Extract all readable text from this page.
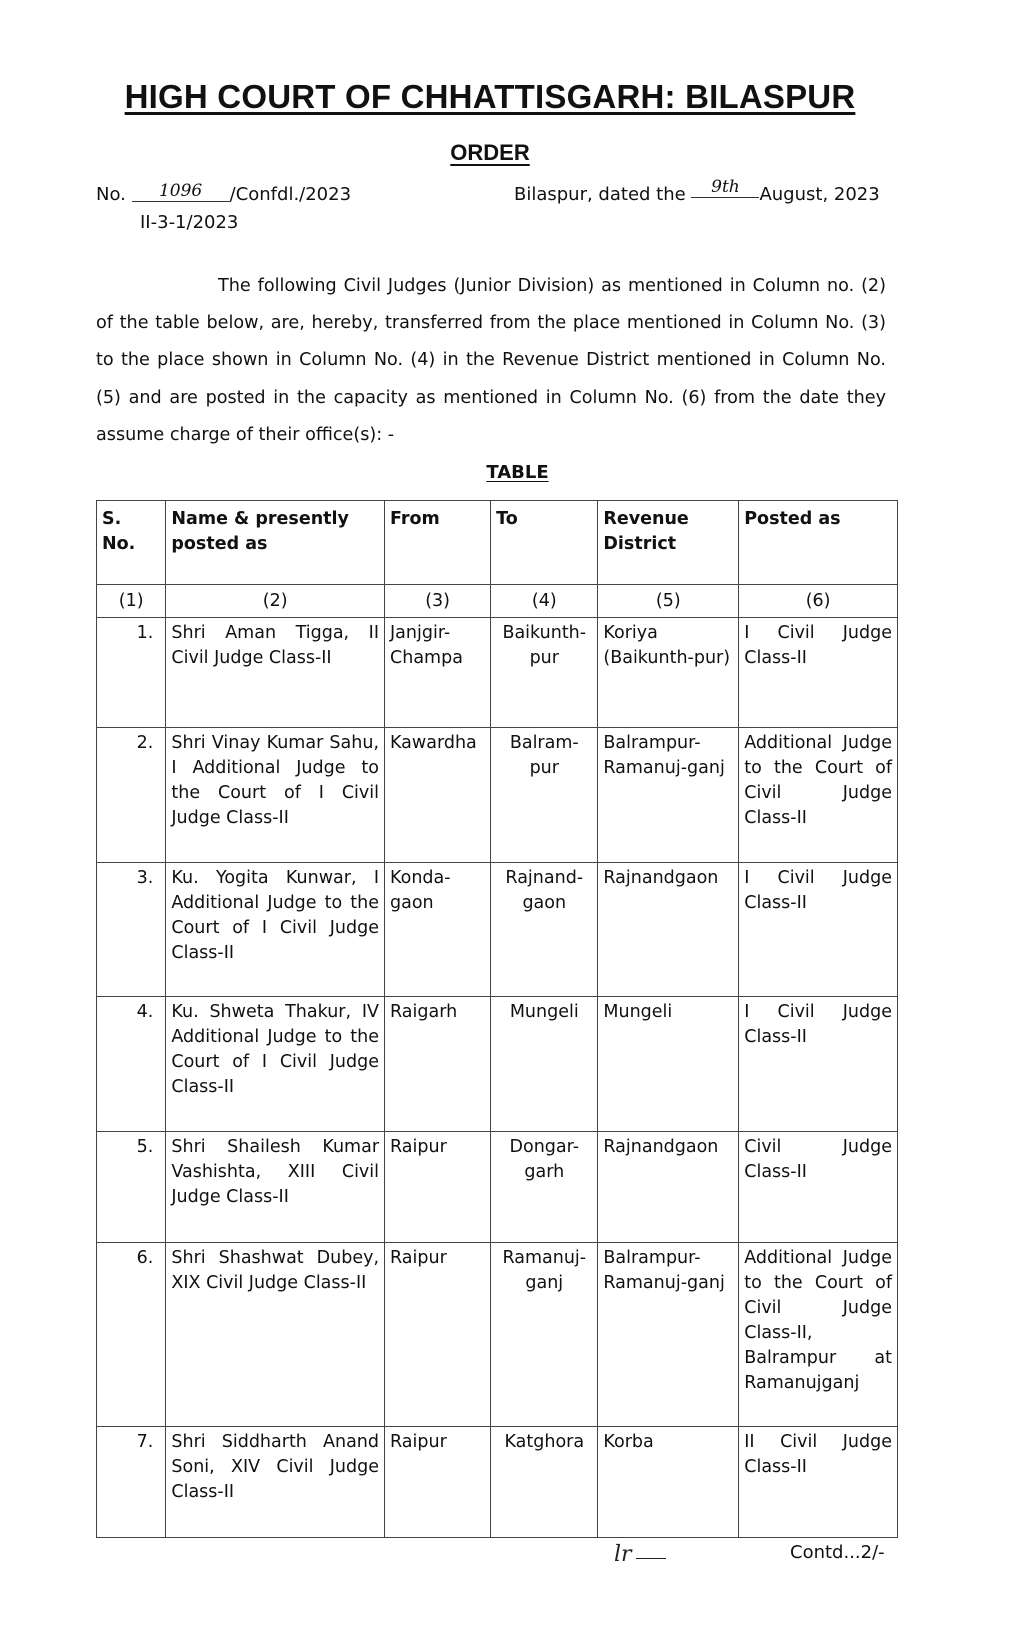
HIGH COURT OF CHHATTISGARH: BILASPUR
ORDER
No. 1096 /Confdl./2023
II-3-1/2023
Bilaspur, dated the 9th August, 2023
The following Civil Judges (Junior Division) as mentioned in Column no. (2) of the table below, are, hereby, transferred from the place mentioned in Column No. (3) to the place shown in Column No. (4) in the Revenue District mentioned in Column No. (5) and are posted in the capacity as mentioned in Column No. (6) from the date they assume charge of their office(s): -
TABLE
S. No.	Name & presently posted as	From	To	Revenue District	Posted as
(1)	(2)	(3)	(4)	(5)	(6)
1.	Shri Aman Tigga, II Civil Judge Class-II	Janjgir-Champa	Baikunth-pur	Koriya (Baikunth-pur)	I Civil Judge Class-II
2.	Shri Vinay Kumar Sahu, I Additional Judge to the Court of I Civil Judge Class-II	Kawardha	Balram-pur	Balrampur-Ramanuj-ganj	Additional Judge to the Court of Civil Judge Class-II
3.	Ku. Yogita Kunwar, I Additional Judge to the Court of I Civil Judge Class-II	Konda-gaon	Rajnand-gaon	Rajnandgaon	I Civil Judge Class-II
4.	Ku. Shweta Thakur, IV Additional Judge to the Court of I Civil Judge Class-II	Raigarh	Mungeli	Mungeli	I Civil Judge Class-II
5.	Shri Shailesh Kumar Vashishta, XIII Civil Judge Class-II	Raipur	Dongar-garh	Rajnandgaon	Civil Judge Class-II
6.	Shri Shashwat Dubey, XIX Civil Judge Class-II	Raipur	Ramanuj-ganj	Balrampur-Ramanuj-ganj	Additional Judge to the Court of Civil Judge Class-II, Balrampur at Ramanujganj
7.	Shri Siddharth Anand Soni, XIV Civil Judge Class-II	Raipur	Katghora	Korba	II Civil Judge Class-II
lr	Contd...2/-
